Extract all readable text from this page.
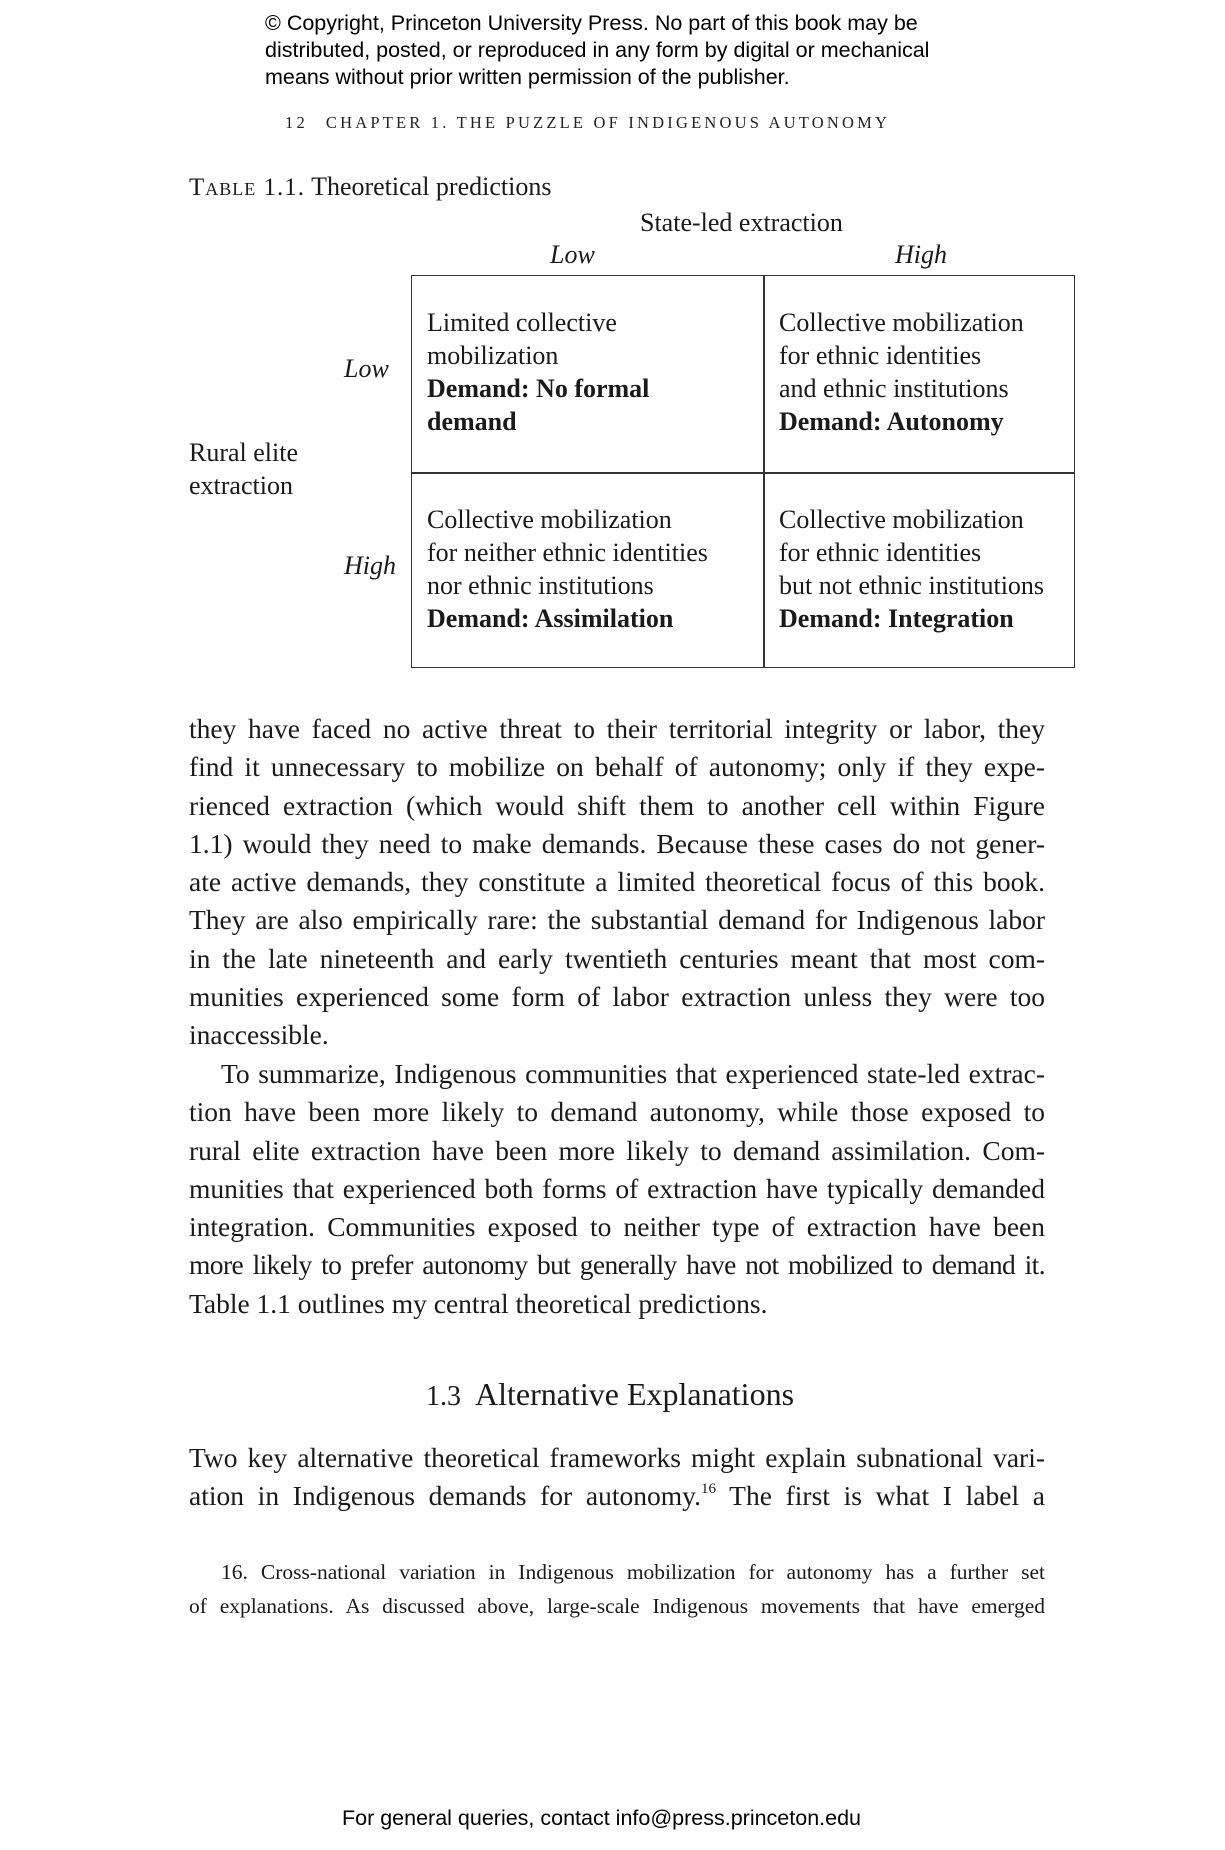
© Copyright, Princeton University Press. No part of this book may be
distributed, posted, or reproduced in any form by digital or mechanical
means without prior written permission of the publisher.
12 CHAPTER 1. THE PUZZLE OF INDIGENOUS AUTONOMY
Table 1.1. Theoretical predictions
State-led extraction
Low	High
Rural elite
extraction
Low
High
Limited collective
mobilization
Demand: No formal
demand
Collective mobilization
for ethnic identities
and ethnic institutions
Demand: Autonomy
Collective mobilization
for neither ethnic identities
nor ethnic institutions
Demand: Assimilation
Collective mobilization
for ethnic identities
but not ethnic institutions
Demand: Integration
they have faced no active threat to their territorial integrity or labor, they
find it unnecessary to mobilize on behalf of autonomy; only if they expe-
rienced extraction (which would shift them to another cell within Figure
1.1) would they need to make demands. Because these cases do not gener-
ate active demands, they constitute a limited theoretical focus of this book.
They are also empirically rare: the substantial demand for Indigenous labor
in the late nineteenth and early twentieth centuries meant that most com-
munities experienced some form of labor extraction unless they were too
inaccessible.
To summarize, Indigenous communities that experienced state-led extrac-
tion have been more likely to demand autonomy, while those exposed to
rural elite extraction have been more likely to demand assimilation. Com-
munities that experienced both forms of extraction have typically demanded
integration. Communities exposed to neither type of extraction have been
more likely to prefer autonomy but generally have not mobilized to demand it.
Table 1.1 outlines my central theoretical predictions.
1.3 Alternative Explanations
Two key alternative theoretical frameworks might explain subnational vari-
ation in Indigenous demands for autonomy.$^{16}$ The first is what I label a
16. Cross-national variation in Indigenous mobilization for autonomy has a further set
of explanations. As discussed above, large-scale Indigenous movements that have emerged
For general queries, contact info@press.princeton.edu
